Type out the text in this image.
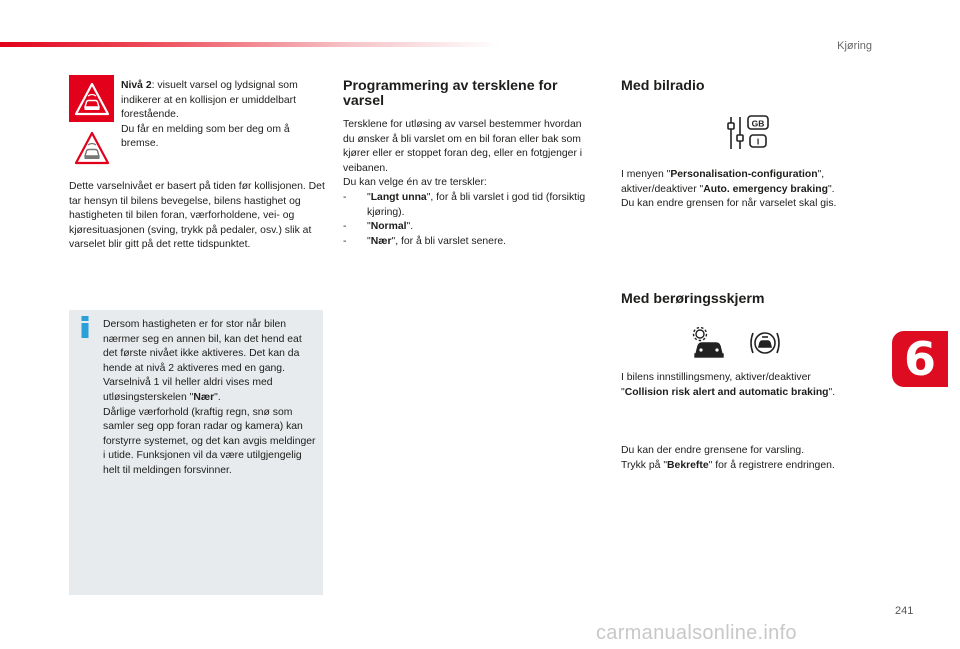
Kjøring

Nivå 2: visuelt varsel og lydsignal som indikerer at en kollisjon er umiddelbart forestående.

Du får en melding som ber deg om å bremse.

Dette varselnivået er basert på tiden før kollisjonen. Det tar hensyn til bilens bevegelse, bilens hastighet og hastigheten til bilen foran, værforholdene, vei- og kjøresituasjonen (sving, trykk på pedaler, osv.) slik at varselet blir gitt på det rette tidspunktet.

Dersom hastigheten er for stor når bilen nærmer seg en annen bil, kan det hend eat det første nivået ikke aktiveres. Det kan da hende at nivå 2 aktiveres med en gang.

Varselnivå 1 vil heller aldri vises med utløsingsterskelen "Nær".

Dårlige værforhold (kraftig regn, snø som samler seg opp foran radar og kamera) kan forstyrre systemet, og det kan avgis meldinger i utide. Funksjonen vil da være utilgjengelig helt til meldingen forsvinner.

Programmering av tersklene for varsel

Tersklene for utløsing av varsel bestemmer hvordan du ønsker å bli varslet om en bil foran eller bak som kjører eller er stoppet foran deg, eller en fotgjenger i veibanen.

Du kan velge én av tre terskler:

- "Langt unna", for å bli varslet i god tid (forsiktig kjøring).
- "Normal".
- "Nær", for å bli varslet senere.
Med bilradio
GB
I

I menyen "Personalisation-configuration",

aktiver/deaktiver "Auto. emergency braking".

Du kan endre grensen for når varselet skal gis.

Med berøringsskjerm

I bilens innstillingsmeny, aktiver/deaktiver

"Collision risk alert and automatic braking".

Du kan der endre grensene for varsling.

Trykk på "Bekrefte" for å registrere endringen.

6
241
carmanualsonline.info
